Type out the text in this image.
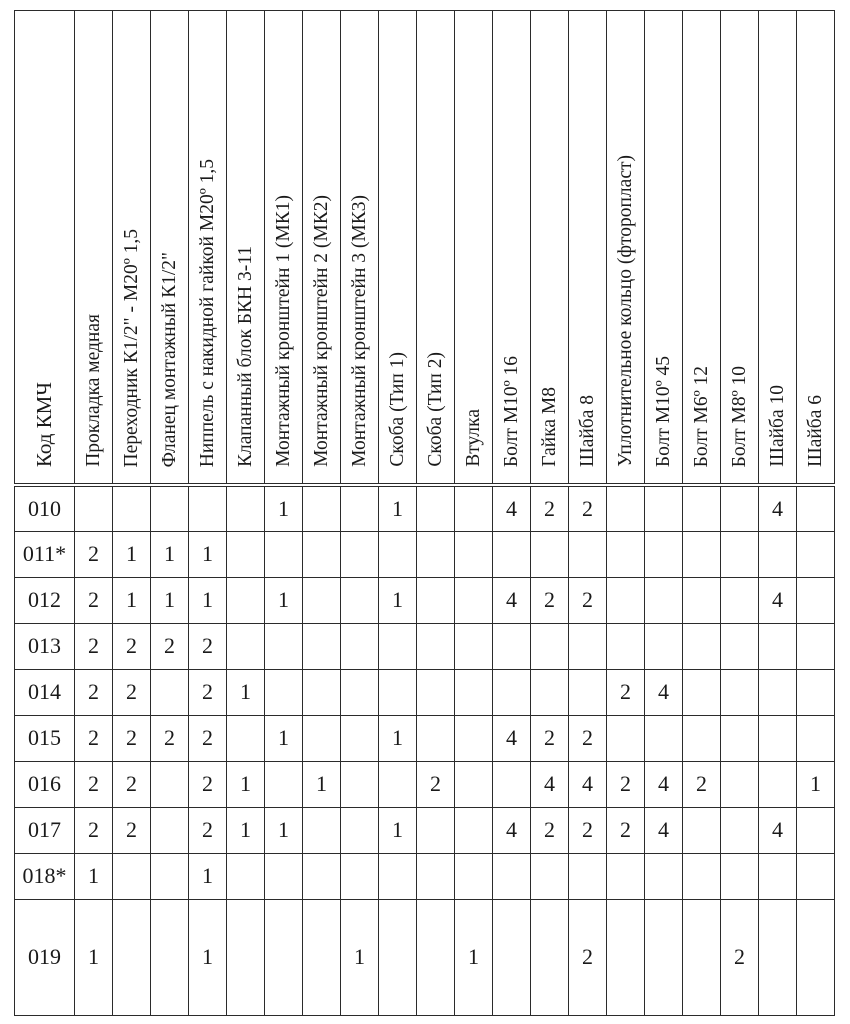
Код КМЧ	Прокладка медная	Переходник К1/2" - М20º 1,5	Фланец монтажный К1/2"	Ниппель с накидной гайкой М20º 1,5	Клапанный блок БКН 3-11	Монтажный кронштейн 1 (МК1)	Монтажный кронштейн 2 (МК2)	Монтажный кронштейн 3 (МК3)	Скоба (Тип 1)	Скоба (Тип 2)	Втулка	Болт М10º 16	Гайка М8	Шайба 8	Уплотнительное кольцо (фторопласт)	Болт М10º 45	Болт М6º 12	Болт М8º 10	Шайба 10	Шайба 6
010						1			1			4	2	2					4	
011*	2	1	1	1																
012	2	1	1	1		1			1			4	2	2					4	
013	2	2	2	2																
014	2	2		2	1										2	4				
015	2	2	2	2		1			1			4	2	2						
016	2	2		2	1		1			2			4	4	2	4	2			1
017	2	2		2	1	1			1			4	2	2	2	4			4	
018*	1			1																
019	1			1				1			1			2				2		
